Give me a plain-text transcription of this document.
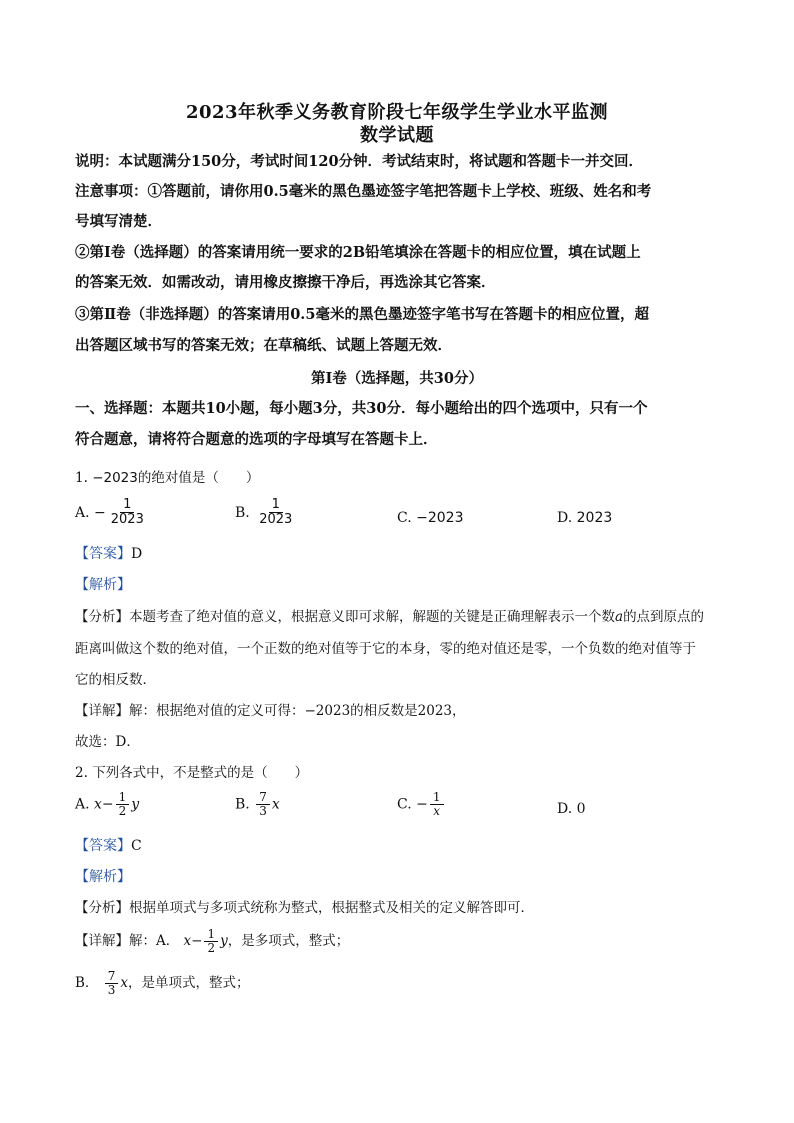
2023年秋季义务教育阶段七年级学生学业水平监测
数学试题
说明：本试题满分150分，考试时间120分钟．考试结束时，将试题和答题卡一并交回．
注意事项：①答题前，请你用0.5毫米的黑色墨迹签字笔把答题卡上学校、班级、姓名和考
号填写清楚．
②第Ⅰ卷（选择题）的答案请用统一要求的2B铅笔填涂在答题卡的相应位置，填在试题上
的答案无效．如需改动，请用橡皮擦擦干净后，再选涂其它答案．
③第Ⅱ卷（非选择题）的答案请用0.5毫米的黑色墨迹签字笔书写在答题卡的相应位置，超
出答题区域书写的答案无效；在草稿纸、试题上答题无效．
第Ⅰ卷（选择题，共30分）
一、选择题：本题共10小题，每小题3分，共30分．每小题给出的四个选项中，只有一个
符合题意，请将符合题意的选项的字母填写在答题卡上．
1. −2023的绝对值是（　　）
A. − $\frac{1}{2023}$	B. $\frac{1}{2023}$	C. −2023	D. 2023
【答案】D
【解析】
【分析】本题考查了绝对值的意义，根据意义即可求解，解题的关键是正确理解表示一个数a的点到原点的
距离叫做这个数的绝对值，一个正数的绝对值等于它的本身，零的绝对值还是零，一个负数的绝对值等于
它的相反数．
【详解】解：根据绝对值的定义可得：−2023的相反数是2023，
故选：D．
2. 下列各式中，不是整式的是（　　）
A. $x- \frac{1}{2}$ y	B. $\frac{7}{3}$ x	C. − $\frac{1}{x}$	D. 0
【答案】C
【解析】
【分析】根据单项式与多项式统称为整式，根据整式及相关的定义解答即可．
【详解】解：A． $x- \frac{1}{2}$ y，是多项式，整式；
B． $\frac{7}{3}$ x，是单项式，整式；
